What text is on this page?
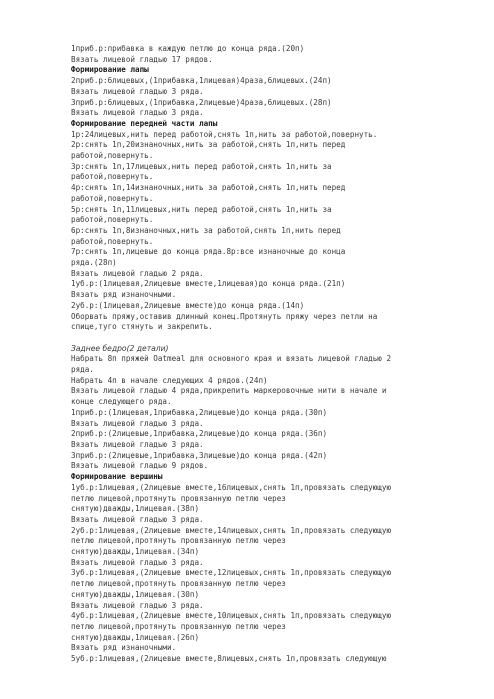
1приб.р:прибавка в каждую петлю до конца ряда.(20п)
Вязать лицевой гладью 17 рядов.
Формирование лапы
2приб.р:6лицевых,(1прибавка,1лицевая)4раза,6лицевых.(24п)
Вязать лицевой гладью 3 ряда.
3приб.р:6лицевых,(1прибавка,2лицевые)4раза,6лицевых.(28п)
Вязать лицевой гладью 3 ряда.
Формирование передней части лапы
1р:24лицевых,нить перед работой,снять 1п,нить за работой,повернуть.
2р:снять 1п,20изнаночных,нить за работой,снять 1п,нить перед
работой,повернуть.
3р:снять 1п,17лицевых,нить перед работой,снять 1п,нить за
работой,повернуть.
4р:снять 1п,14изнаночных,нить за работой,снять 1п,нить перед
работой,повернуть.
5р:снять 1п,11лицевых,нить перед работой,снять 1п,нить за
работой,повернуть.
6р:снять 1п,8изнаночных,нить за работой,снять 1п,нить перед
работой,повернуть.
7р:снять 1п,лицевые до конца ряда.8р:все изнаночные до конца
ряда.(28п)
Вязать лицевой гладью 2 ряда.
1уб.р:(1лицевая,2лицевые вместе,1лицевая)до конца ряда.(21п)
Вязать ряд изнаночными.
2уб.р:(1лицевая,2лицевые вместе)до конца ряда.(14п)
Оборвать пряжу,оставив длинный конец.Протянуть пряжу через петли на
спице,туго стянуть и закрепить.
Заднее бедро(2 детали)
Набрать 8п пряжей Oatmeal для основного края и вязать лицевой гладью 2
ряда.
Набрать 4п в начале следующих 4 рядов.(24п)
Вязать лицевой гладью 4 ряда,прикрепить маркеровочные нити в начале и
конце следующего ряда.
1приб.р:(1лицевая,1прибавка,2лицевые)до конца ряда.(30п)
Вязать лицевой гладью 3 ряда.
2приб.р:(2лицевые,1прибавка,2лицевые)до конца ряда.(36п)
Вязать лицевой гладью 3 ряда.
3приб.р:(2лицевые,1прибавка,3лицевые)до конца ряда.(42п)
Вязать лицевой гладью 9 рядов.
Формирование вершины
1уб.р:1лицевая,(2лицевые вместе,16лицевых,снять 1п,провязать следующую
петлю лицевой,протянуть провязанную петлю через
снятую)дважды,1лицевая.(38п)
Вязать лицевой гладью 3 ряда.
2уб.р:1лицевая,(2лицевые вместе,14лицевых,снять 1п,провязать следующую
петлю лицевой,протянуть провязанную петлю через
снятую)дважды,1лицевая.(34п)
Вязать лицевой гладью 3 ряда.
3уб.р:1лицевая,(2лицевые вместе,12лицевых,снять 1п,провязать следующую
петлю лицевой,протянуть провязанную петлю через
снятую)дважды,1лицевая.(30п)
Вязать лицевой гладью 3 ряда.
4уб.р:1лицевая,(2лицевые вместе,10лицевых,снять 1п,провязать следующую
петлю лицевой,протянуть провязанную петлю через
снятую)дважды,1лицевая.(26п)
Вязать ряд изнаночными.
5уб.р:1лицевая,(2лицевые вместе,8лицевых,снять 1п,провязать следующую
